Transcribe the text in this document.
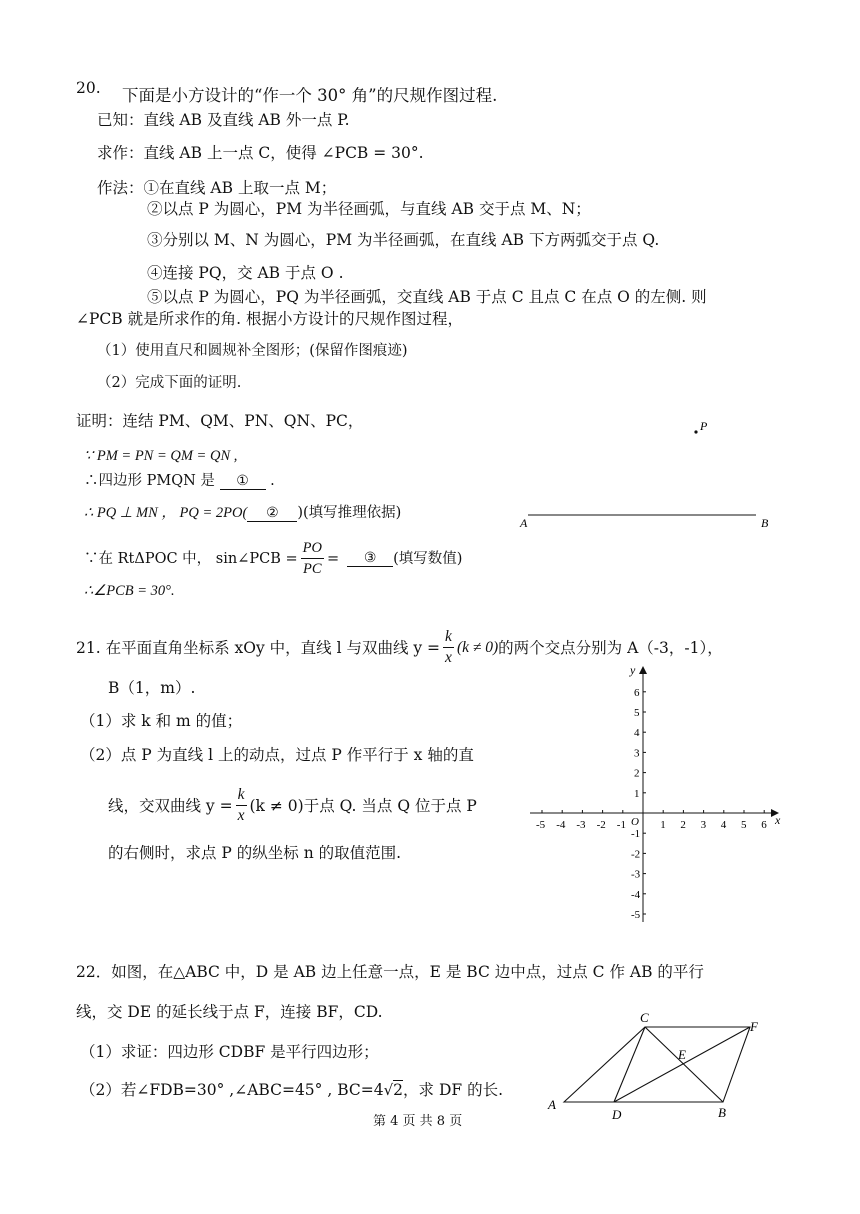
20. 下面是小方设计的“作一个 30° 角”的尺规作图过程.
已知：直线 AB 及直线 AB 外一点 P.
求作：直线 AB 上一点 C，使得 ∠PCB = 30°.
作法：①在直线 AB 上取一点 M；
②以点 P 为圆心，PM 为半径画弧，与直线 AB 交于点 M、N；
③分别以 M、N 为圆心，PM 为半径画弧，在直线 AB 下方两弧交于点 Q.
④连接 PQ，交 AB 于点 O .
⑤以点 P 为圆心，PQ 为半径画弧，交直线 AB 于点 C 且点 C 在点 O 的左侧. 则
∠PCB 就是所求作的角. 根据小方设计的尺规作图过程，
（1）使用直尺和圆规补全图形；(保留作图痕迹)
（2）完成下面的证明.
证明：连结 PM、QM、PN、QN、PC，
∵ PM = PN = QM = QN ,
∴四边形 PMQN 是 ① .
∴ PQ ⊥ MN ， PQ = 2PO( ② )(填写推理依据)
∵在 RtΔPOC 中， sin∠PCB = $\frac{PO}{PC}$ =	③	(填写数值)
∴∠PCB = 30°.
P
A	B
21. 在平面直角坐标系 xOy 中，直线 l 与双曲线 $y = \frac{k}{x} (k \ne 0)$ 的两个交点分别为 A（-3，-1），
B（1，m）.
（1）求 k 和 m 的值；
（2）点 P 为直线 l 上的动点，过点 P 作平行于 x 轴的直
线，交双曲线 $y = \frac{k}{x} (k \ne 0)$于点 Q. 当点 Q 位于点 P
的右侧时，求点 P 的纵坐标 n 的取值范围.
x
y
O
-5 -4 -3 -2 -1	1 2 3 4 5 6
6
5
4
3
2
1
-1
-2
-3
-4
-5
22．如图，在△ABC 中，D 是 AB 边上任意一点，E 是 BC 边中点，过点 C 作 AB 的平行
线，交 DE 的延长线于点 F，连接 BF，CD.
（1）求证：四边形 CDBF 是平行四边形；
（2）若∠FDB=30° ,∠ABC=45° , BC=4√2，求 DF 的长.
C
F
E
A
D	B
第 4 页 共 8 页
